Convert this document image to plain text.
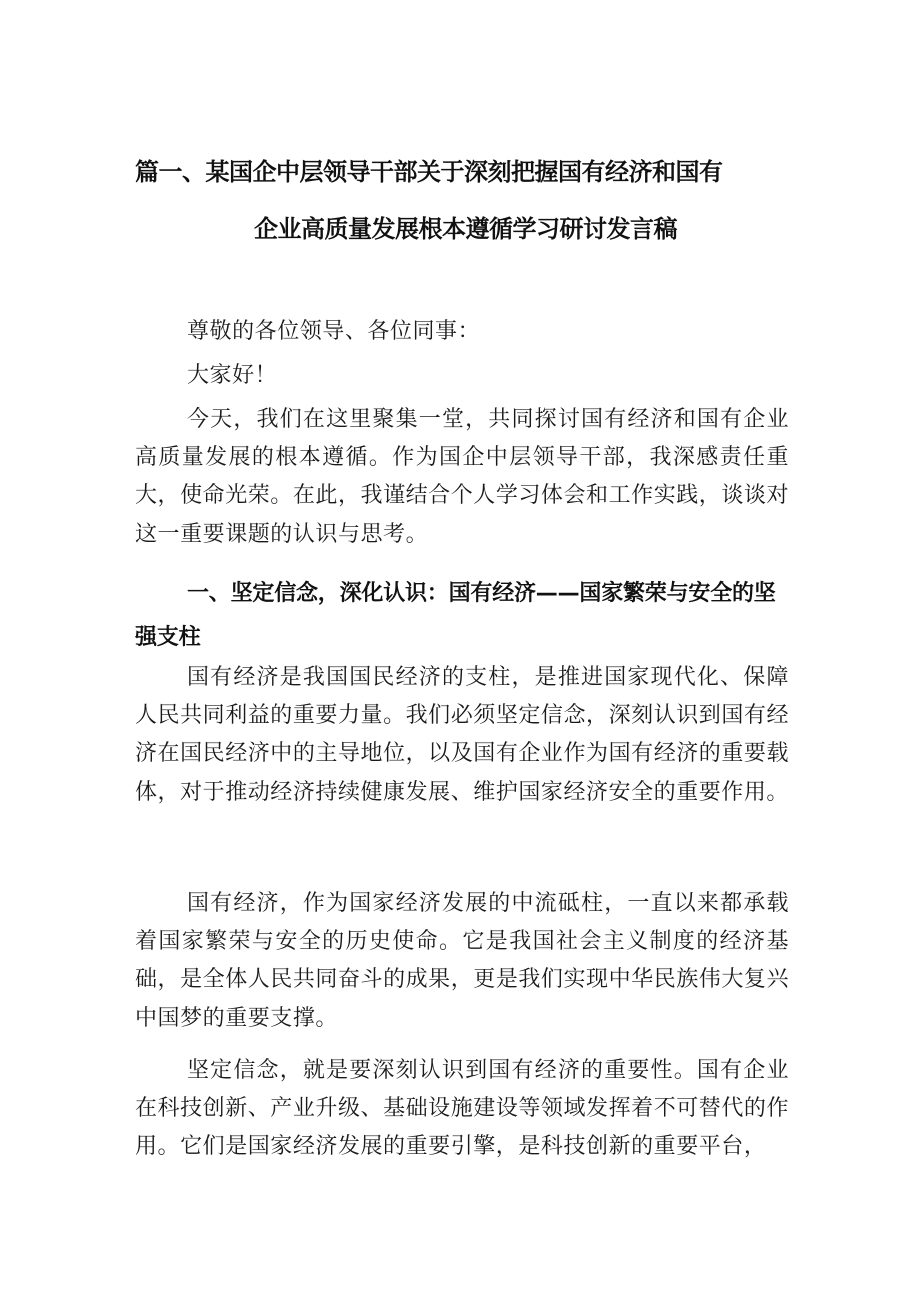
篇一、某国企中层领导干部关于深刻把握国有经济和国有
企业高质量发展根本遵循学习研讨发言稿
尊敬的各位领导、各位同事：
大家好！
今天，我们在这里聚集一堂，共同探讨国有经济和国有企业高质量发展的根本遵循。作为国企中层领导干部，我深感责任重大，使命光荣。在此，我谨结合个人学习体会和工作实践，谈谈对这一重要课题的认识与思考。
一、坚定信念，深化认识：国有经济——国家繁荣与安全的坚强支柱
国有经济是我国国民经济的支柱，是推进国家现代化、保障人民共同利益的重要力量。我们必须坚定信念，深刻认识到国有经济在国民经济中的主导地位，以及国有企业作为国有经济的重要载体，对于推动经济持续健康发展、维护国家经济安全的重要作用。
国有经济，作为国家经济发展的中流砥柱，一直以来都承载着国家繁荣与安全的历史使命。它是我国社会主义制度的经济基础，是全体人民共同奋斗的成果，更是我们实现中华民族伟大复兴中国梦的重要支撑。
坚定信念，就是要深刻认识到国有经济的重要性。国有企业在科技创新、产业升级、基础设施建设等领域发挥着不可替代的作用。它们是国家经济发展的重要引擎，是科技创新的重要平台，
